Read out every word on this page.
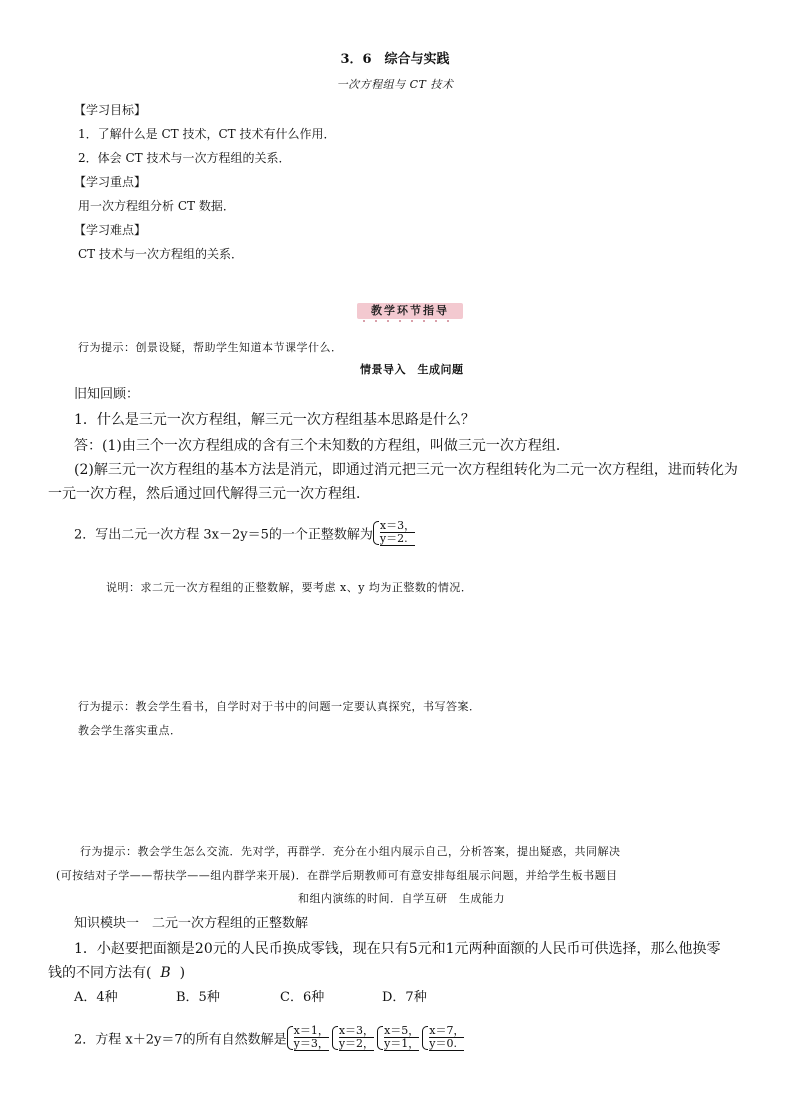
3．6　综合与实践
一次方程组与 CT 技术
【学习目标】
1．了解什么是 CT 技术，CT 技术有什么作用．
2．体会 CT 技术与一次方程组的关系．
【学习重点】
用一次方程组分析 CT 数据．
【学习难点】
CT 技术与一次方程组的关系．
教学环节指导
行为提示：创景设疑，帮助学生知道本节课学什么．
情景导入　生成问题
旧知回顾：
1．什么是三元一次方程组，解三元一次方程组基本思路是什么？
答：(1)由三个一次方程组成的含有三个未知数的方程组，叫做三元一次方程组．
(2)解三元一次方程组的基本方法是消元，即通过消元把三元一次方程组转化为二元一次方程组，进而转化为
一元一次方程，然后通过回代解得三元一次方程组．
2．写出二元一次方程 3x－2y＝5的一个正整数解为 $\frac{x=3,}{y=2.}$
说明：求二元一次方程组的正整数解，要考虑 x、y 均为正整数的情况．
行为提示：教会学生看书，自学时对于书中的问题一定要认真探究，书写答案．
教会学生落实重点．
行为提示：教会学生怎么交流．先对学，再群学．充分在小组内展示自己，分析答案，提出疑惑，共同解决
(可按结对子学——帮扶学——组内群学来开展)．在群学后期教师可有意安排每组展示问题，并给学生板书题目
和组内演练的时间．自学互研　生成能力
知识模块一　二元一次方程组的正整数解
1．小赵要把面额是20元的人民币换成零钱，现在只有5元和1元两种面额的人民币可供选择，那么他换零
钱的不同方法有( B )
A．4种	B．5种	C．6种	D．7种
2．方程 x＋2y＝7的所有自然数解是 $\frac{x=1,}{y=3,} \frac{x=3,}{y=2,} \frac{x=5,}{y=1,} \frac{x=7,}{y=0.}$
